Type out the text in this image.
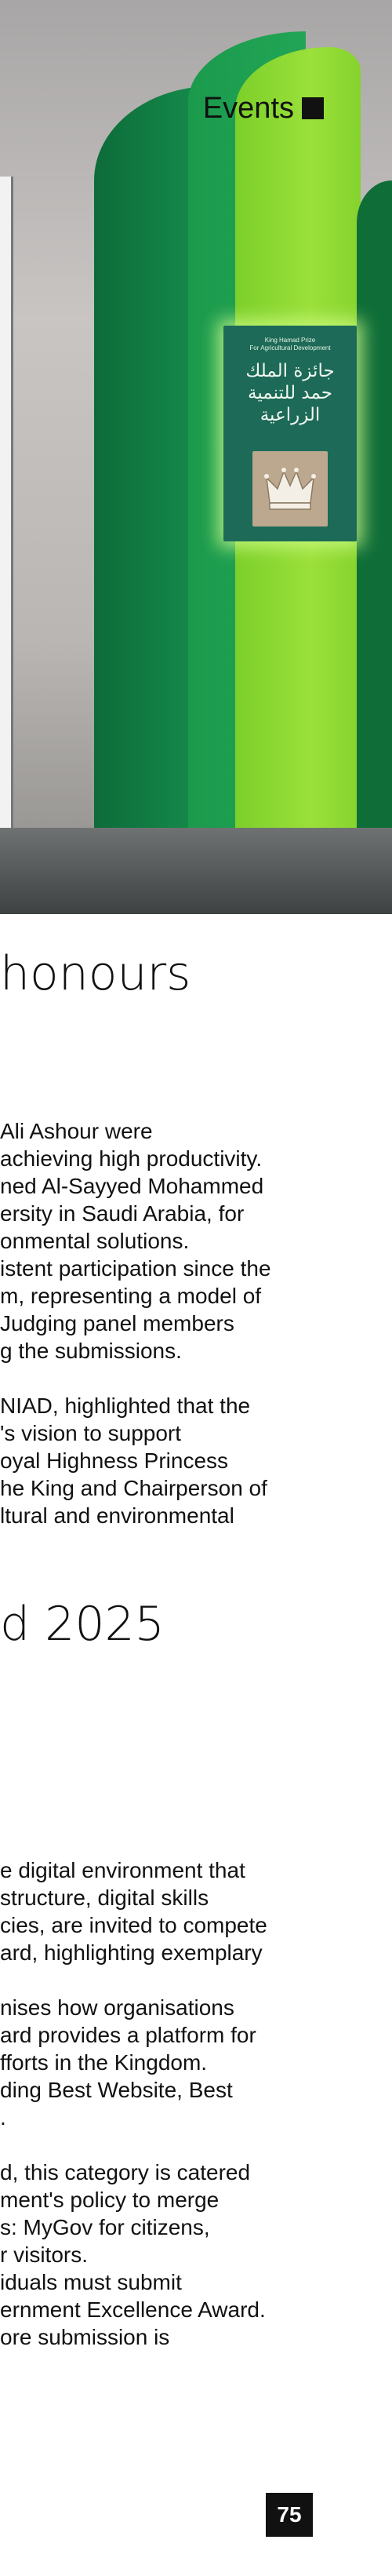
King Hamad Prize
For Agricultural Development
جائزة الملك
حمد للتنمية
الزراعية
Events
honours
Ali Ashour were
achieving high productivity.
ned Al-Sayyed Mohammed
ersity in Saudi Arabia, for
onmental solutions.
istent participation since the
m, representing a model of
Judging panel members
g the submissions.

NIAD, highlighted that the
's vision to support
oyal Highness Princess
he King and Chairperson of
ltural and environmental
d 2025
e digital environment that
structure, digital skills
cies, are invited to compete
ard, highlighting exemplary

nises how organisations
ard provides a platform for
fforts in the Kingdom.
ding Best Website, Best
.

d, this category is catered
ment's policy to merge
s: MyGov for citizens,
r visitors.
iduals must submit
ernment Excellence Award.
ore submission is
75
